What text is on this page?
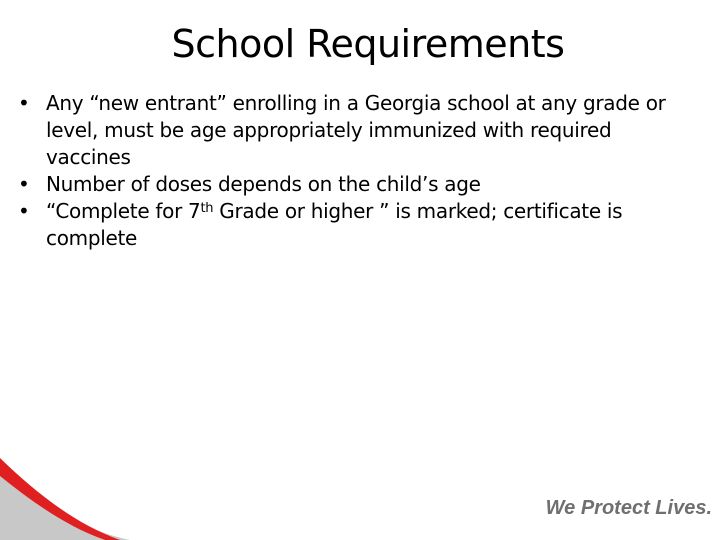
School Requirements
• Any “new entrant” enrolling in a Georgia school at any grade or level, must be age appropriately immunized with required vaccines
• Number of doses depends on the child’s age
• “Complete for 7th Grade or higher ” is marked; certificate is complete
We Protect Lives.
